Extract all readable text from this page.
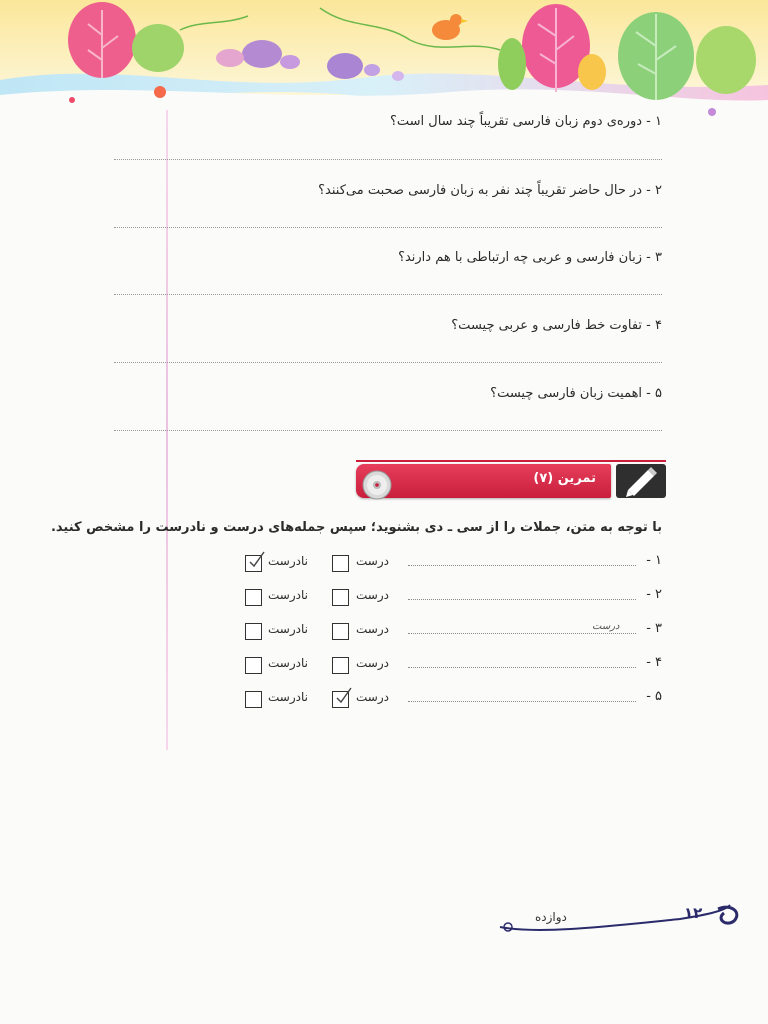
۱ - دوره‌ی دوم زبان فارسی تقریباً چند سال است؟
۲ - در حال حاضر تقریباً چند نفر به زبان فارسی صحبت می‌کنند؟
۳ - زبان فارسی و عربی چه ارتباطی با هم دارند؟
۴ - تفاوت خط فارسی و عربی چیست؟
۵ - اهمیت زبان فارسی چیست؟
تمرین (۷)
با توجه به متن، جملات را از سی ـ دی بشنوید؛ سپس جمله‌های درست و نادرست را مشخص کنید.
۱ -
درست
نادرست
۲ -
درست
نادرست
۳ -
درست
درست
نادرست
۴ -
درست
نادرست
۵ -
درست
نادرست
دوازده	۱۲
